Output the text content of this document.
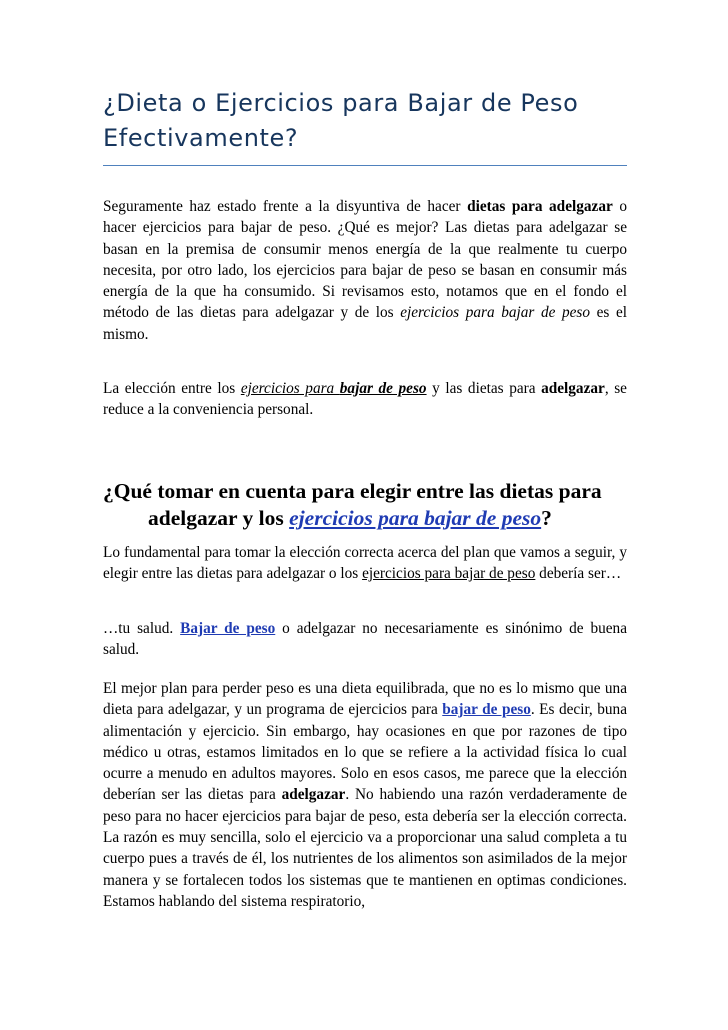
¿Dieta o Ejercicios para Bajar de Peso
Efectivamente?

Seguramente haz estado frente a la disyuntiva de hacer dietas para adelgazar o hacer ejercicios para bajar de peso. ¿Qué es mejor? Las dietas para adelgazar se basan en la premisa de consumir menos energía de la que realmente tu cuerpo necesita, por otro lado, los ejercicios para bajar de peso se basan en consumir más energía de la que ha consumido. Si revisamos esto, notamos que en el fondo el método de las dietas para adelgazar y de los ejercicios para bajar de peso es el mismo.

La elección entre los ejercicios para bajar de peso y las dietas para adelgazar, se reduce a la conveniencia personal.

¿Qué tomar en cuenta para elegir entre las dietas para adelgazar y los ejercicios para bajar de peso?

Lo fundamental para tomar la elección correcta acerca del plan que vamos a seguir, y elegir entre las dietas para adelgazar o los ejercicios para bajar de peso debería ser…

…tu salud. Bajar de peso o adelgazar no necesariamente es sinónimo de buena salud.

El mejor plan para perder peso es una dieta equilibrada, que no es lo mismo que una dieta para adelgazar, y un programa de ejercicios para bajar de peso. Es decir, buna alimentación y ejercicio. Sin embargo, hay ocasiones en que por razones de tipo médico u otras, estamos limitados en lo que se refiere a la actividad física lo cual ocurre a menudo en adultos mayores. Solo en esos casos, me parece que la elección deberían ser las dietas para adelgazar. No habiendo una razón verdaderamente de peso para no hacer ejercicios para bajar de peso, esta debería ser la elección correcta. La razón es muy sencilla, solo el ejercicio va a proporcionar una salud completa a tu cuerpo pues a través de él, los nutrientes de los alimentos son asimilados de la mejor manera y se fortalecen todos los sistemas que te mantienen en optimas condiciones. Estamos hablando del sistema respiratorio,
